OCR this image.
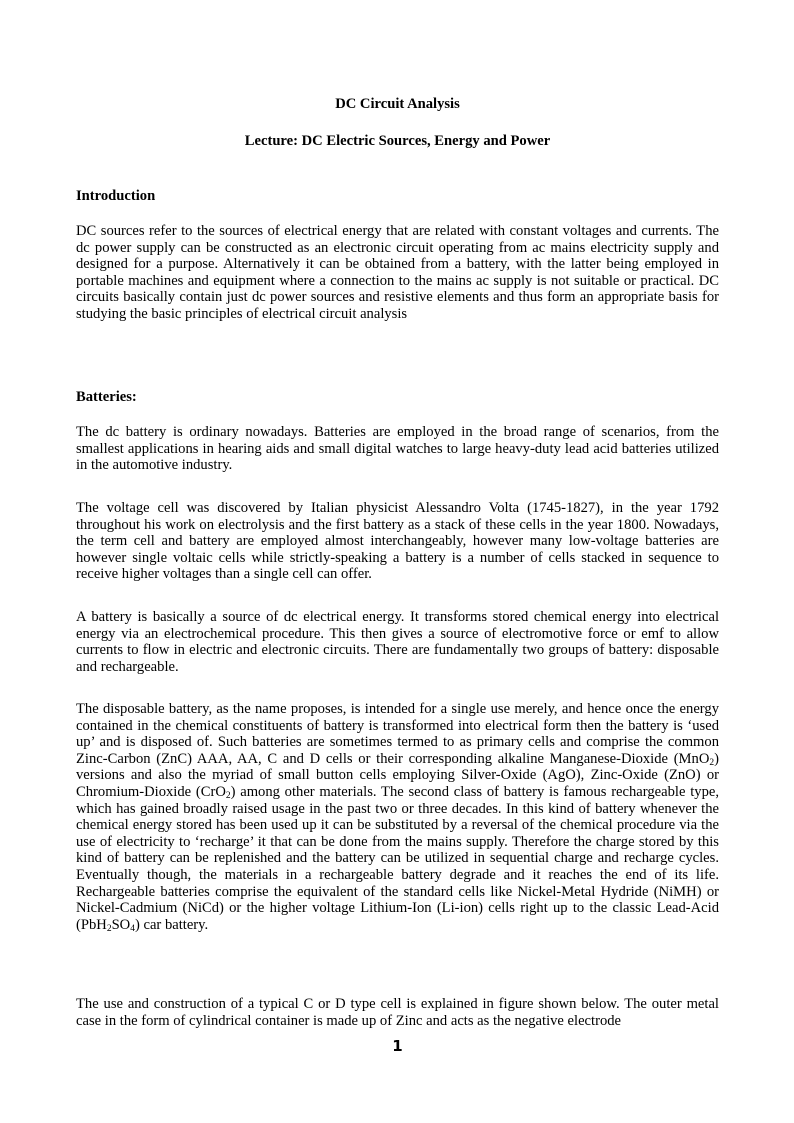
DC Circuit Analysis
Lecture: DC Electric Sources, Energy and Power
Introduction

DC sources refer to the sources of electrical energy that are related with constant voltages and currents. The dc power supply can be constructed as an electronic circuit operating from ac mains electricity supply and designed for a purpose. Alternatively it can be obtained from a battery, with the latter being employed in portable machines and equipment where a connection to the mains ac supply is not suitable or practical. DC circuits basically contain just dc power sources and resistive elements and thus form an appropriate basis for studying the basic principles of electrical circuit analysis

Batteries:

The dc battery is ordinary nowadays. Batteries are employed in the broad range of scenarios, from the smallest applications in hearing aids and small digital watches to large heavy-duty lead acid batteries utilized in the automotive industry.

The voltage cell was discovered by Italian physicist Alessandro Volta (1745-1827), in the year 1792 throughout his work on electrolysis and the first battery as a stack of these cells in the year 1800. Nowadays, the term cell and battery are employed almost interchangeably, however many low-voltage batteries are however single voltaic cells while strictly-speaking a battery is a number of cells stacked in sequence to receive higher voltages than a single cell can offer.

A battery is basically a source of dc electrical energy. It transforms stored chemical energy into electrical energy via an electrochemical procedure. This then gives a source of electromotive force or emf to allow currents to flow in electric and electronic circuits. There are fundamentally two groups of battery: disposable and rechargeable.

The disposable battery, as the name proposes, is intended for a single use merely, and hence once the energy contained in the chemical constituents of battery is transformed into electrical form then the battery is ‘used up’ and is disposed of. Such batteries are sometimes termed to as primary cells and comprise the common Zinc-Carbon (ZnC) AAA, AA, C and D cells or their corresponding alkaline Manganese-Dioxide (MnO$_2$) versions and also the myriad of small button cells employing Silver-Oxide (AgO), Zinc-Oxide (ZnO) or Chromium-Dioxide (CrO$_2$) among other materials. The second class of battery is famous rechargeable type, which has gained broadly raised usage in the past two or three decades. In this kind of battery whenever the chemical energy stored has been used up it can be substituted by a reversal of the chemical procedure via the use of electricity to ‘recharge’ it that can be done from the mains supply. Therefore the charge stored by this kind of battery can be replenished and the battery can be utilized in sequential charge and recharge cycles. Eventually though, the materials in a rechargeable battery degrade and it reaches the end of its life. Rechargeable batteries comprise the equivalent of the standard cells like Nickel-Metal Hydride (NiMH) or Nickel-Cadmium (NiCd) or the higher voltage Lithium-Ion (Li-ion) cells right up to the classic Lead-Acid $(PbH_2SO_4)$ car battery.

The use and construction of a typical C or D type cell is explained in figure shown below. The outer metal case in the form of cylindrical container is made up of Zinc and acts as the negative electrode

1
